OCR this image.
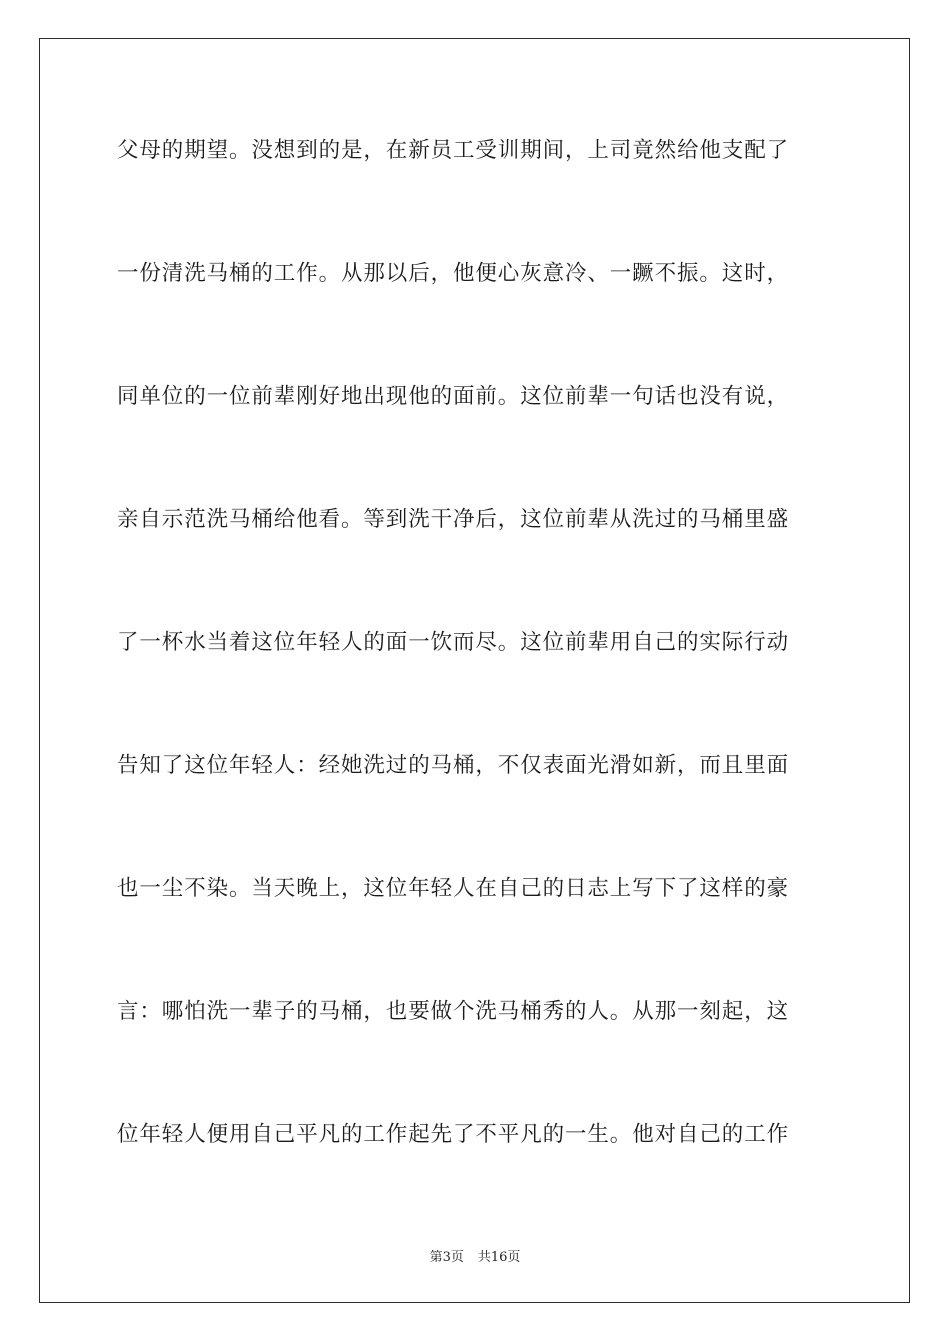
父母的期望。没想到的是，在新员工受训期间，上司竟然给他支配了
一份清洗马桶的工作。从那以后，他便心灰意冷、一蹶不振。这时，
同单位的一位前辈刚好地出现他的面前。这位前辈一句话也没有说，
亲自示范洗马桶给他看。等到洗干净后，这位前辈从洗过的马桶里盛
了一杯水当着这位年轻人的面一饮而尽。这位前辈用自己的实际行动
告知了这位年轻人：经她洗过的马桶，不仅表面光滑如新，而且里面
也一尘不染。当天晚上，这位年轻人在自己的日志上写下了这样的豪
言：哪怕洗一辈子的马桶，也要做个洗马桶秀的人。从那一刻起，这
位年轻人便用自己平凡的工作起先了不平凡的一生。他对自己的工作
第3页 共16页
